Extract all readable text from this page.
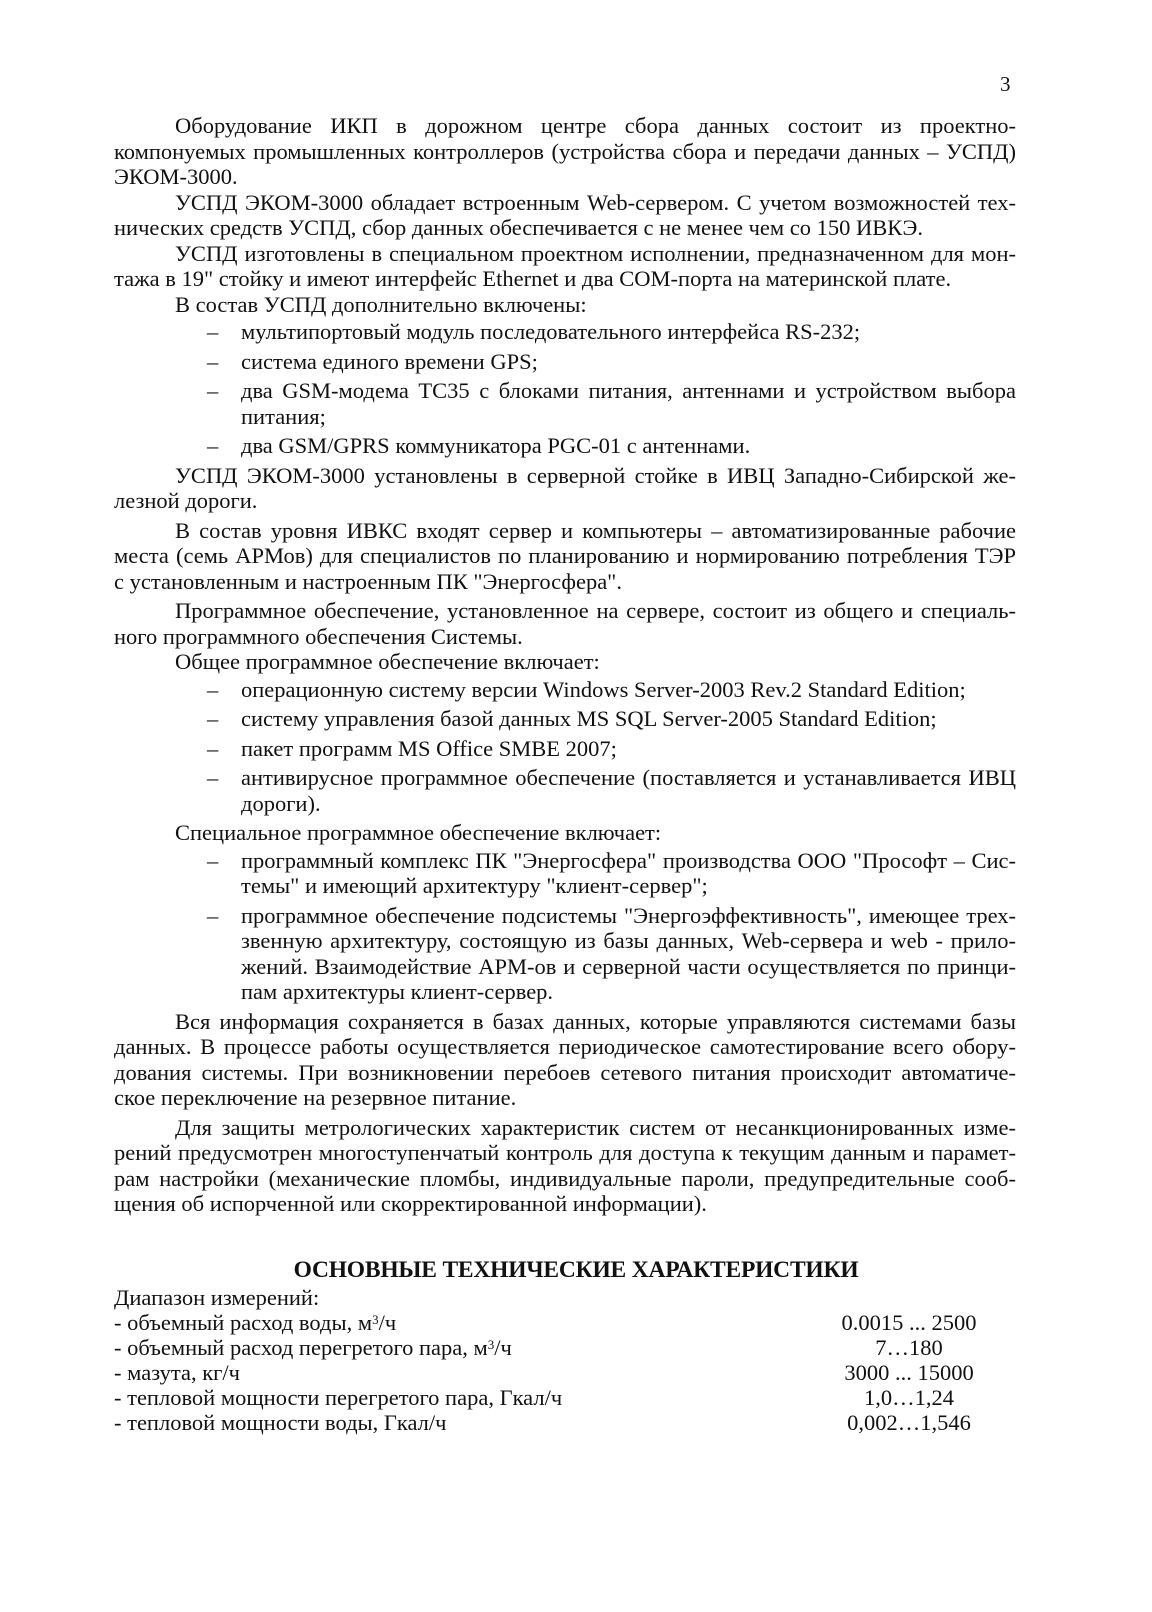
3

Оборудование ИКП в дорожном центре сбора данных состоит из проектно-
компонуемых промышленных контроллеров (устройства сбора и передачи данных – УСПД)
ЭКОМ-3000.

УСПД ЭКОМ-3000 обладает встроенным Web-сервером. С учетом возможностей тех-
нических средств УСПД, сбор данных обеспечивается с не менее чем со 150 ИВКЭ.

УСПД изготовлены в специальном проектном исполнении, предназначенном для мон-
тажа в 19" стойку и имеют интерфейс Ethernet и два COM-порта на материнской плате.

В состав УСПД дополнительно включены:

– мультипортовый модуль последовательного интерфейса RS-232;
– система единого времени GPS;
– два GSM-модема TC35 с блоками питания, антеннами и устройством выбора
питания;
– два GSM/GPRS коммуникатора PGC-01 с антеннами.

УСПД ЭКОМ-3000 установлены в серверной стойке в ИВЦ Западно-Сибирской же-
лезной дороги.

В состав уровня ИВКС входят сервер и компьютеры – автоматизированные рабочие
места (семь АРМов) для специалистов по планированию и нормированию потребления ТЭР
с установленным и настроенным ПК "Энергосфера".

Программное обеспечение, установленное на сервере, состоит из общего и специаль-
ного программного обеспечения Системы.

Общее программное обеспечение включает:

– операционную систему версии Windows Server-2003 Rev.2 Standard Edition;
– систему управления базой данных MS SQL Server-2005 Standard Edition;
– пакет программ MS Office SMBE 2007;
– антивирусное программное обеспечение (поставляется и устанавливается ИВЦ
дороги).

Специальное программное обеспечение включает:

– программный комплекс ПК "Энергосфера" производства ООО "Прософт – Сис-
темы" и имеющий архитектуру "клиент-сервер";
– программное обеспечение подсистемы "Энергоэффективность", имеющее трех-
звенную архитектуру, состоящую из базы данных, Web-сервера и web - прило-
жений. Взаимодействие АРМ-ов и серверной части осуществляется по принци-
пам архитектуры клиент-сервер.

Вся информация сохраняется в базах данных, которые управляются системами базы
данных. В процессе работы осуществляется периодическое самотестирование всего обору-
дования системы. При возникновении перебоев сетевого питания происходит автоматиче-
ское переключение на резервное питание.

Для защиты метрологических характеристик систем от несанкционированных изме-
рений предусмотрен многоступенчатый контроль для доступа к текущим данным и парамет-
рам настройки (механические пломбы, индивидуальные пароли, предупредительные сооб-
щения об испорченной или скорректированной информации).

ОСНОВНЫЕ ТЕХНИЧЕСКИЕ ХАРАКТЕРИСТИКИ
Диапазон измерений:
- объемный расход воды, $м^3/ч$	0.0015 ... 2500
- объемный расход перегретого пара, $м^3/ч$	7…180
- мазута, кг/ч	3000 ... 15000
- тепловой мощности перегретого пара, Гкал/ч	1,0…1,24
- тепловой мощности воды, Гкал/ч	0,002…1,546
